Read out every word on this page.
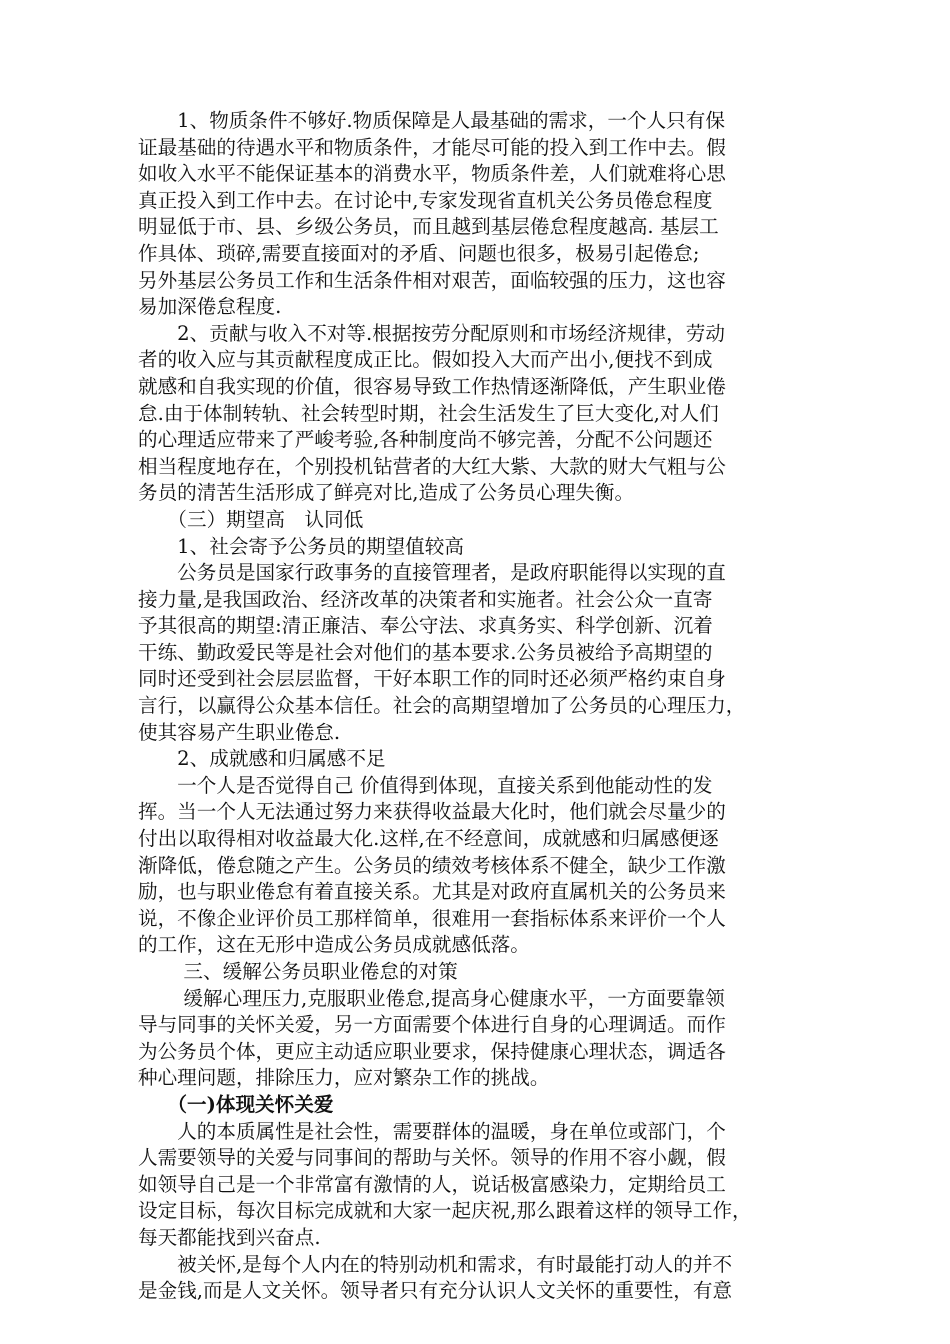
　　1、物质条件不够好.物质保障是人最基础的需求，一个人只有保
证最基础的待遇水平和物质条件，才能尽可能的投入到工作中去。假
如收入水平不能保证基本的消费水平，物质条件差，人们就难将心思
真正投入到工作中去。在讨论中,专家发现省直机关公务员倦怠程度
明显低于市、县、乡级公务员，而且越到基层倦怠程度越高. 基层工
作具体、琐碎,需要直接面对的矛盾、问题也很多，极易引起倦怠;
另外基层公务员工作和生活条件相对艰苦，面临较强的压力，这也容
易加深倦怠程度.
　　2、贡献与收入不对等.根据按劳分配原则和市场经济规律，劳动
者的收入应与其贡献程度成正比。假如投入大而产出小,便找不到成
就感和自我实现的价值，很容易导致工作热情逐渐降低，产生职业倦
怠.由于体制转轨、社会转型时期，社会生活发生了巨大变化,对人们
的心理适应带来了严峻考验,各种制度尚不够完善，分配不公问题还
相当程度地存在，个别投机钻营者的大红大紫、大款的财大气粗与公
务员的清苦生活形成了鲜亮对比,造成了公务员心理失衡。
　　（三）期望高　认同低
　　1、社会寄予公务员的期望值较高
　　公务员是国家行政事务的直接管理者，是政府职能得以实现的直
接力量,是我国政治、经济改革的决策者和实施者。社会公众一直寄
予其很高的期望:清正廉洁、奉公守法、求真务实、科学创新、沉着
干练、勤政爱民等是社会对他们的基本要求.公务员被给予高期望的
同时还受到社会层层监督，干好本职工作的同时还必须严格约束自身
言行，以赢得公众基本信任。社会的高期望增加了公务员的心理压力，
使其容易产生职业倦怠.
　　2、成就感和归属感不足
　　一个人是否觉得自己 价值得到体现，直接关系到他能动性的发
挥。当一个人无法通过努力来获得收益最大化时，他们就会尽量少的
付出以取得相对收益最大化.这样,在不经意间，成就感和归属感便逐
渐降低，倦怠随之产生。公务员的绩效考核体系不健全，缺少工作激
励，也与职业倦怠有着直接关系。尤其是对政府直属机关的公务员来
说，不像企业评价员工那样简单，很难用一套指标体系来评价一个人
的工作，这在无形中造成公务员成就感低落。
　　 三、缓解公务员职业倦怠的对策
　　 缓解心理压力,克服职业倦怠,提高身心健康水平，一方面要靠领
导与同事的关怀关爱，另一方面需要个体进行自身的心理调适。而作
为公务员个体，更应主动适应职业要求，保持健康心理状态，调适各
种心理问题，排除压力，应对繁杂工作的挑战。
　　（一)体现关怀关爱
　　人的本质属性是社会性，需要群体的温暖，身在单位或部门，个
人需要领导的关爱与同事间的帮助与关怀。领导的作用不容小觑，假
如领导自己是一个非常富有激情的人，说话极富感染力，定期给员工
设定目标，每次目标完成就和大家一起庆祝,那么跟着这样的领导工作，
每天都能找到兴奋点.
　　被关怀,是每个人内在的特别动机和需求，有时最能打动人的并不
是金钱,而是人文关怀。领导者只有充分认识人文关怀的重要性，有意
